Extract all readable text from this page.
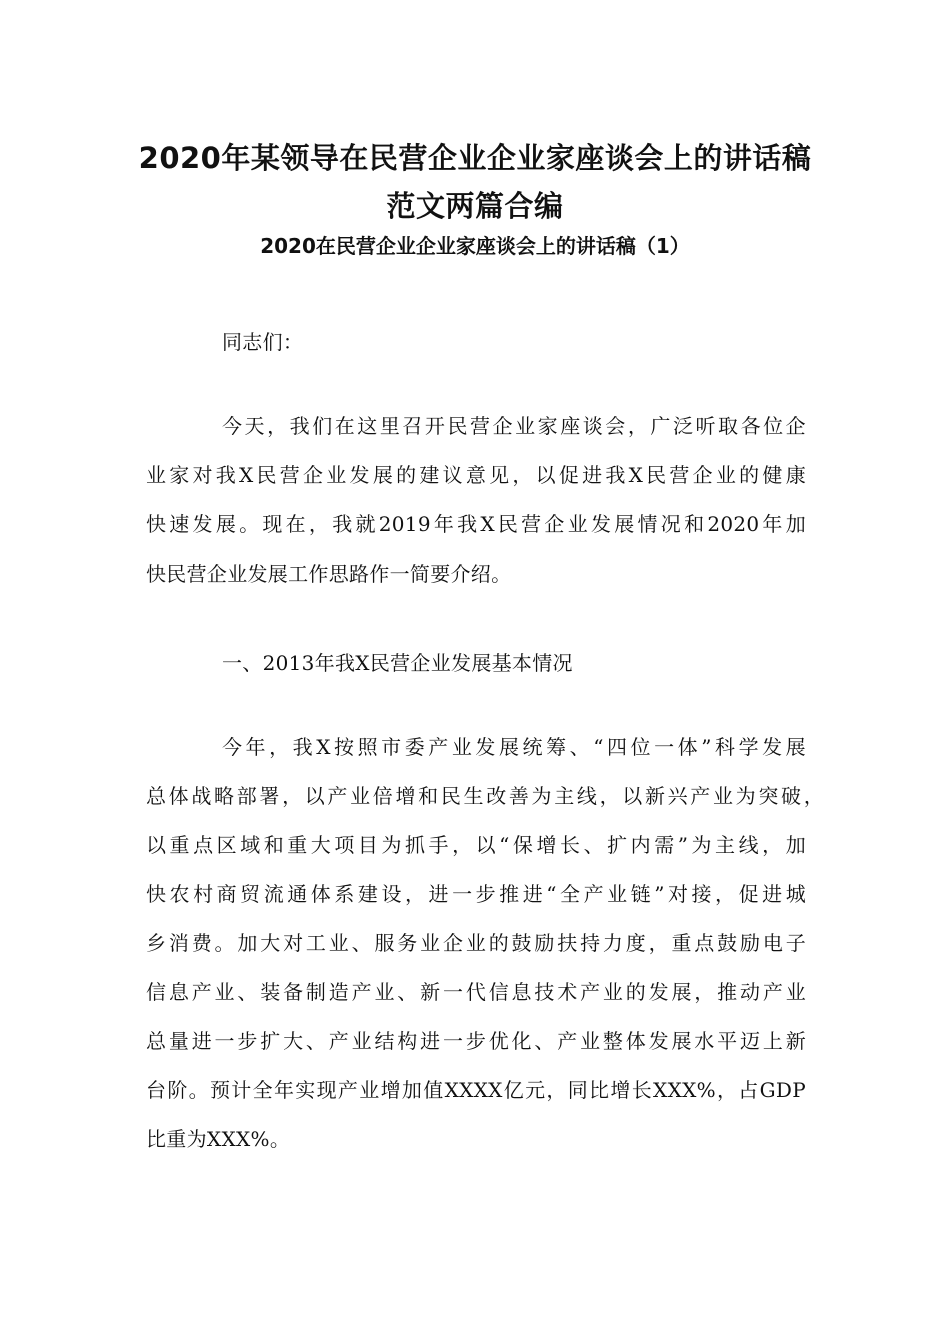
2020年某领导在民营企业企业家座谈会上的讲话稿
范文两篇合编
2020在民营企业企业家座谈会上的讲话稿（1）
同志们：
今天，我们在这里召开民营企业家座谈会，广泛听取各位企
业家对我X民营企业发展的建议意见，以促进我X民营企业的健康
快速发展。现在，我就2019年我X民营企业发展情况和2020年加
快民营企业发展工作思路作一简要介绍。
一、2013年我X民营企业发展基本情况
今年，我X按照市委产业发展统筹、“四位一体”科学发展
总体战略部署，以产业倍增和民生改善为主线，以新兴产业为突破，
以重点区域和重大项目为抓手，以“保增长、扩内需”为主线，加
快农村商贸流通体系建设，进一步推进“全产业链”对接，促进城
乡消费。加大对工业、服务业企业的鼓励扶持力度，重点鼓励电子
信息产业、装备制造产业、新一代信息技术产业的发展，推动产业
总量进一步扩大、产业结构进一步优化、产业整体发展水平迈上新
台阶。预计全年实现产业增加值XXXX亿元，同比增长XXX%，占GDP
比重为XXX%。
